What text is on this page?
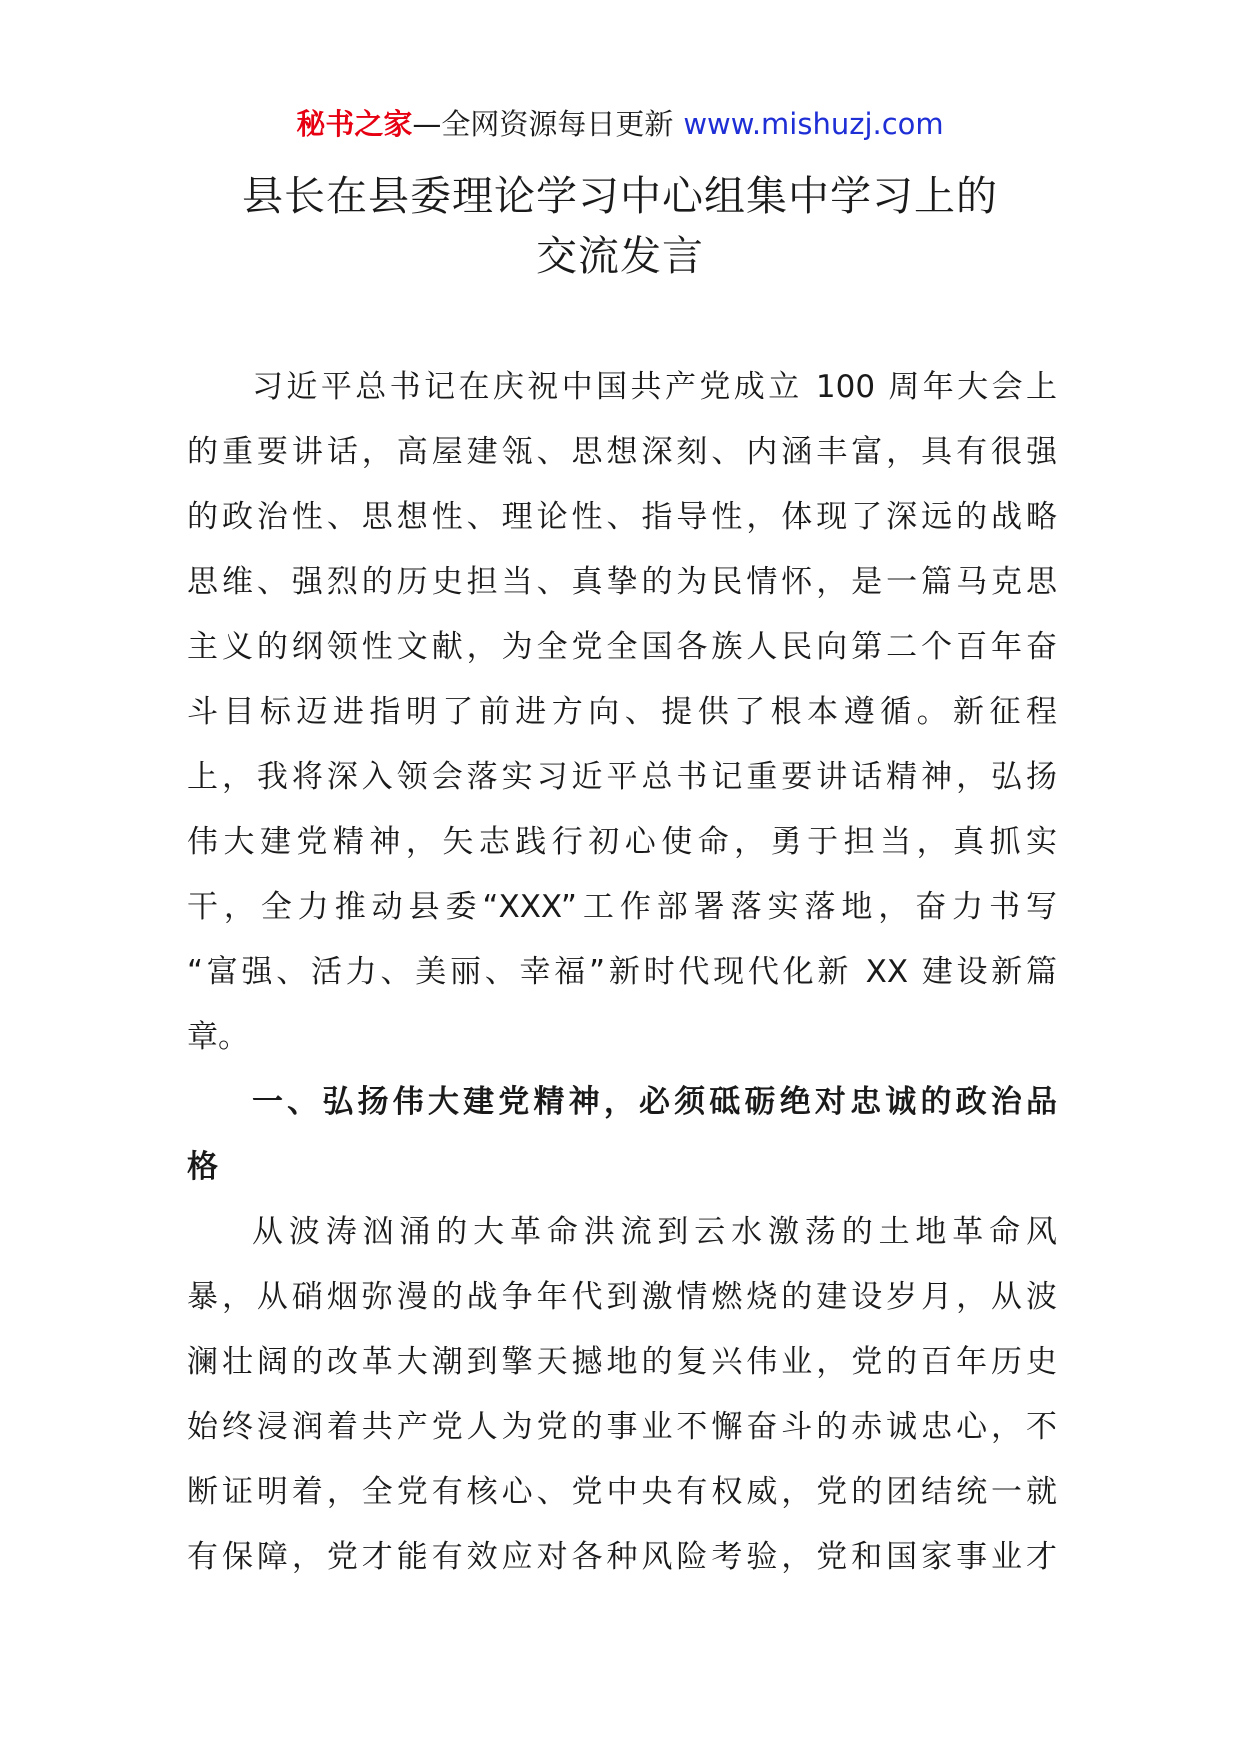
秘书之家—全网资源每日更新 www.mishuzj.com
县长在县委理论学习中心组集中学习上的
交流发言
习近平总书记在庆祝中国共产党成立 100 周年大会上
的重要讲话，高屋建瓴、思想深刻、内涵丰富，具有很强
的政治性、思想性、理论性、指导性，体现了深远的战略
思维、强烈的历史担当、真挚的为民情怀，是一篇马克思
主义的纲领性文献，为全党全国各族人民向第二个百年奋
斗目标迈进指明了前进方向、提供了根本遵循。新征程
上，我将深入领会落实习近平总书记重要讲话精神，弘扬
伟大建党精神，矢志践行初心使命，勇于担当，真抓实
干，全力推动县委“XXX”工作部署落实落地，奋力书写
“富强、活力、美丽、幸福”新时代现代化新 XX 建设新篇
章。
一、弘扬伟大建党精神，必须砥砺绝对忠诚的政治品
格
从波涛汹涌的大革命洪流到云水激荡的土地革命风
暴，从硝烟弥漫的战争年代到激情燃烧的建设岁月，从波
澜壮阔的改革大潮到擎天撼地的复兴伟业，党的百年历史
始终浸润着共产党人为党的事业不懈奋斗的赤诚忠心，不
断证明着，全党有核心、党中央有权威，党的团结统一就
有保障，党才能有效应对各种风险考验，党和国家事业才
